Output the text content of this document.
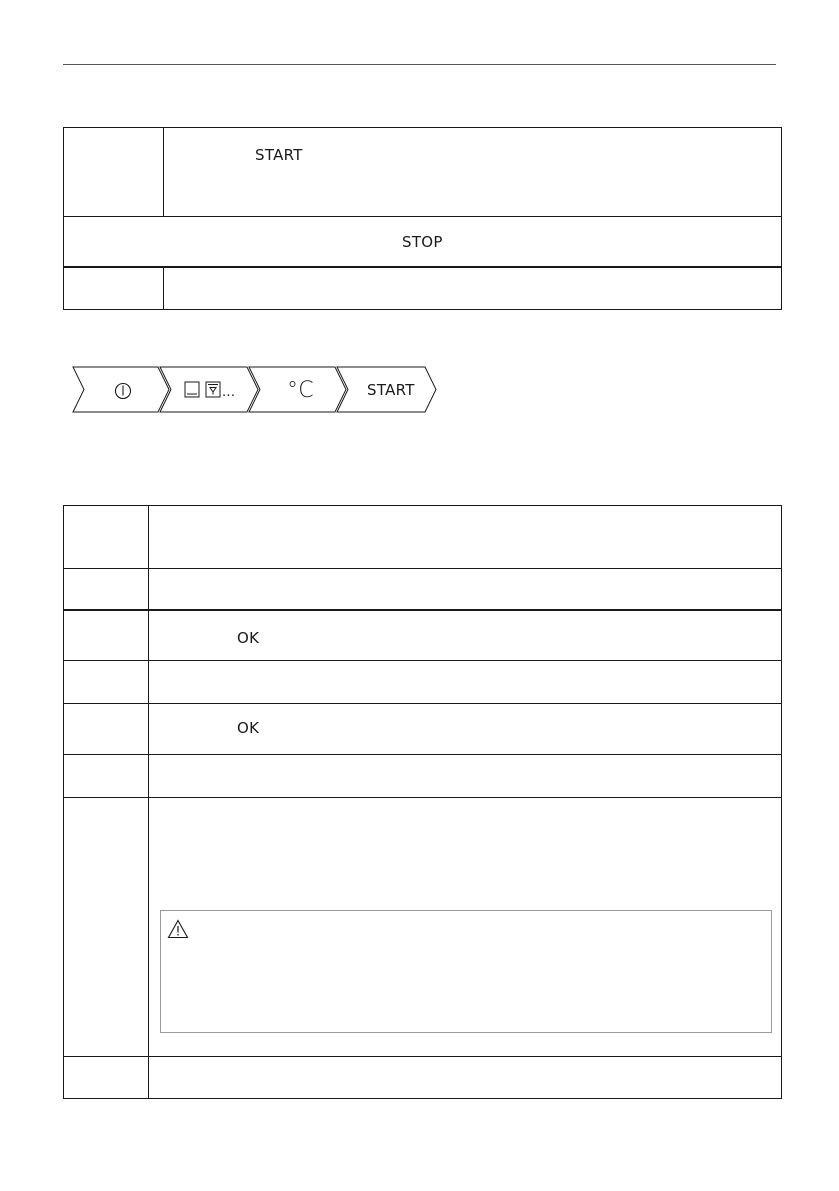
START
STOP
... °C	START
OK
OK
